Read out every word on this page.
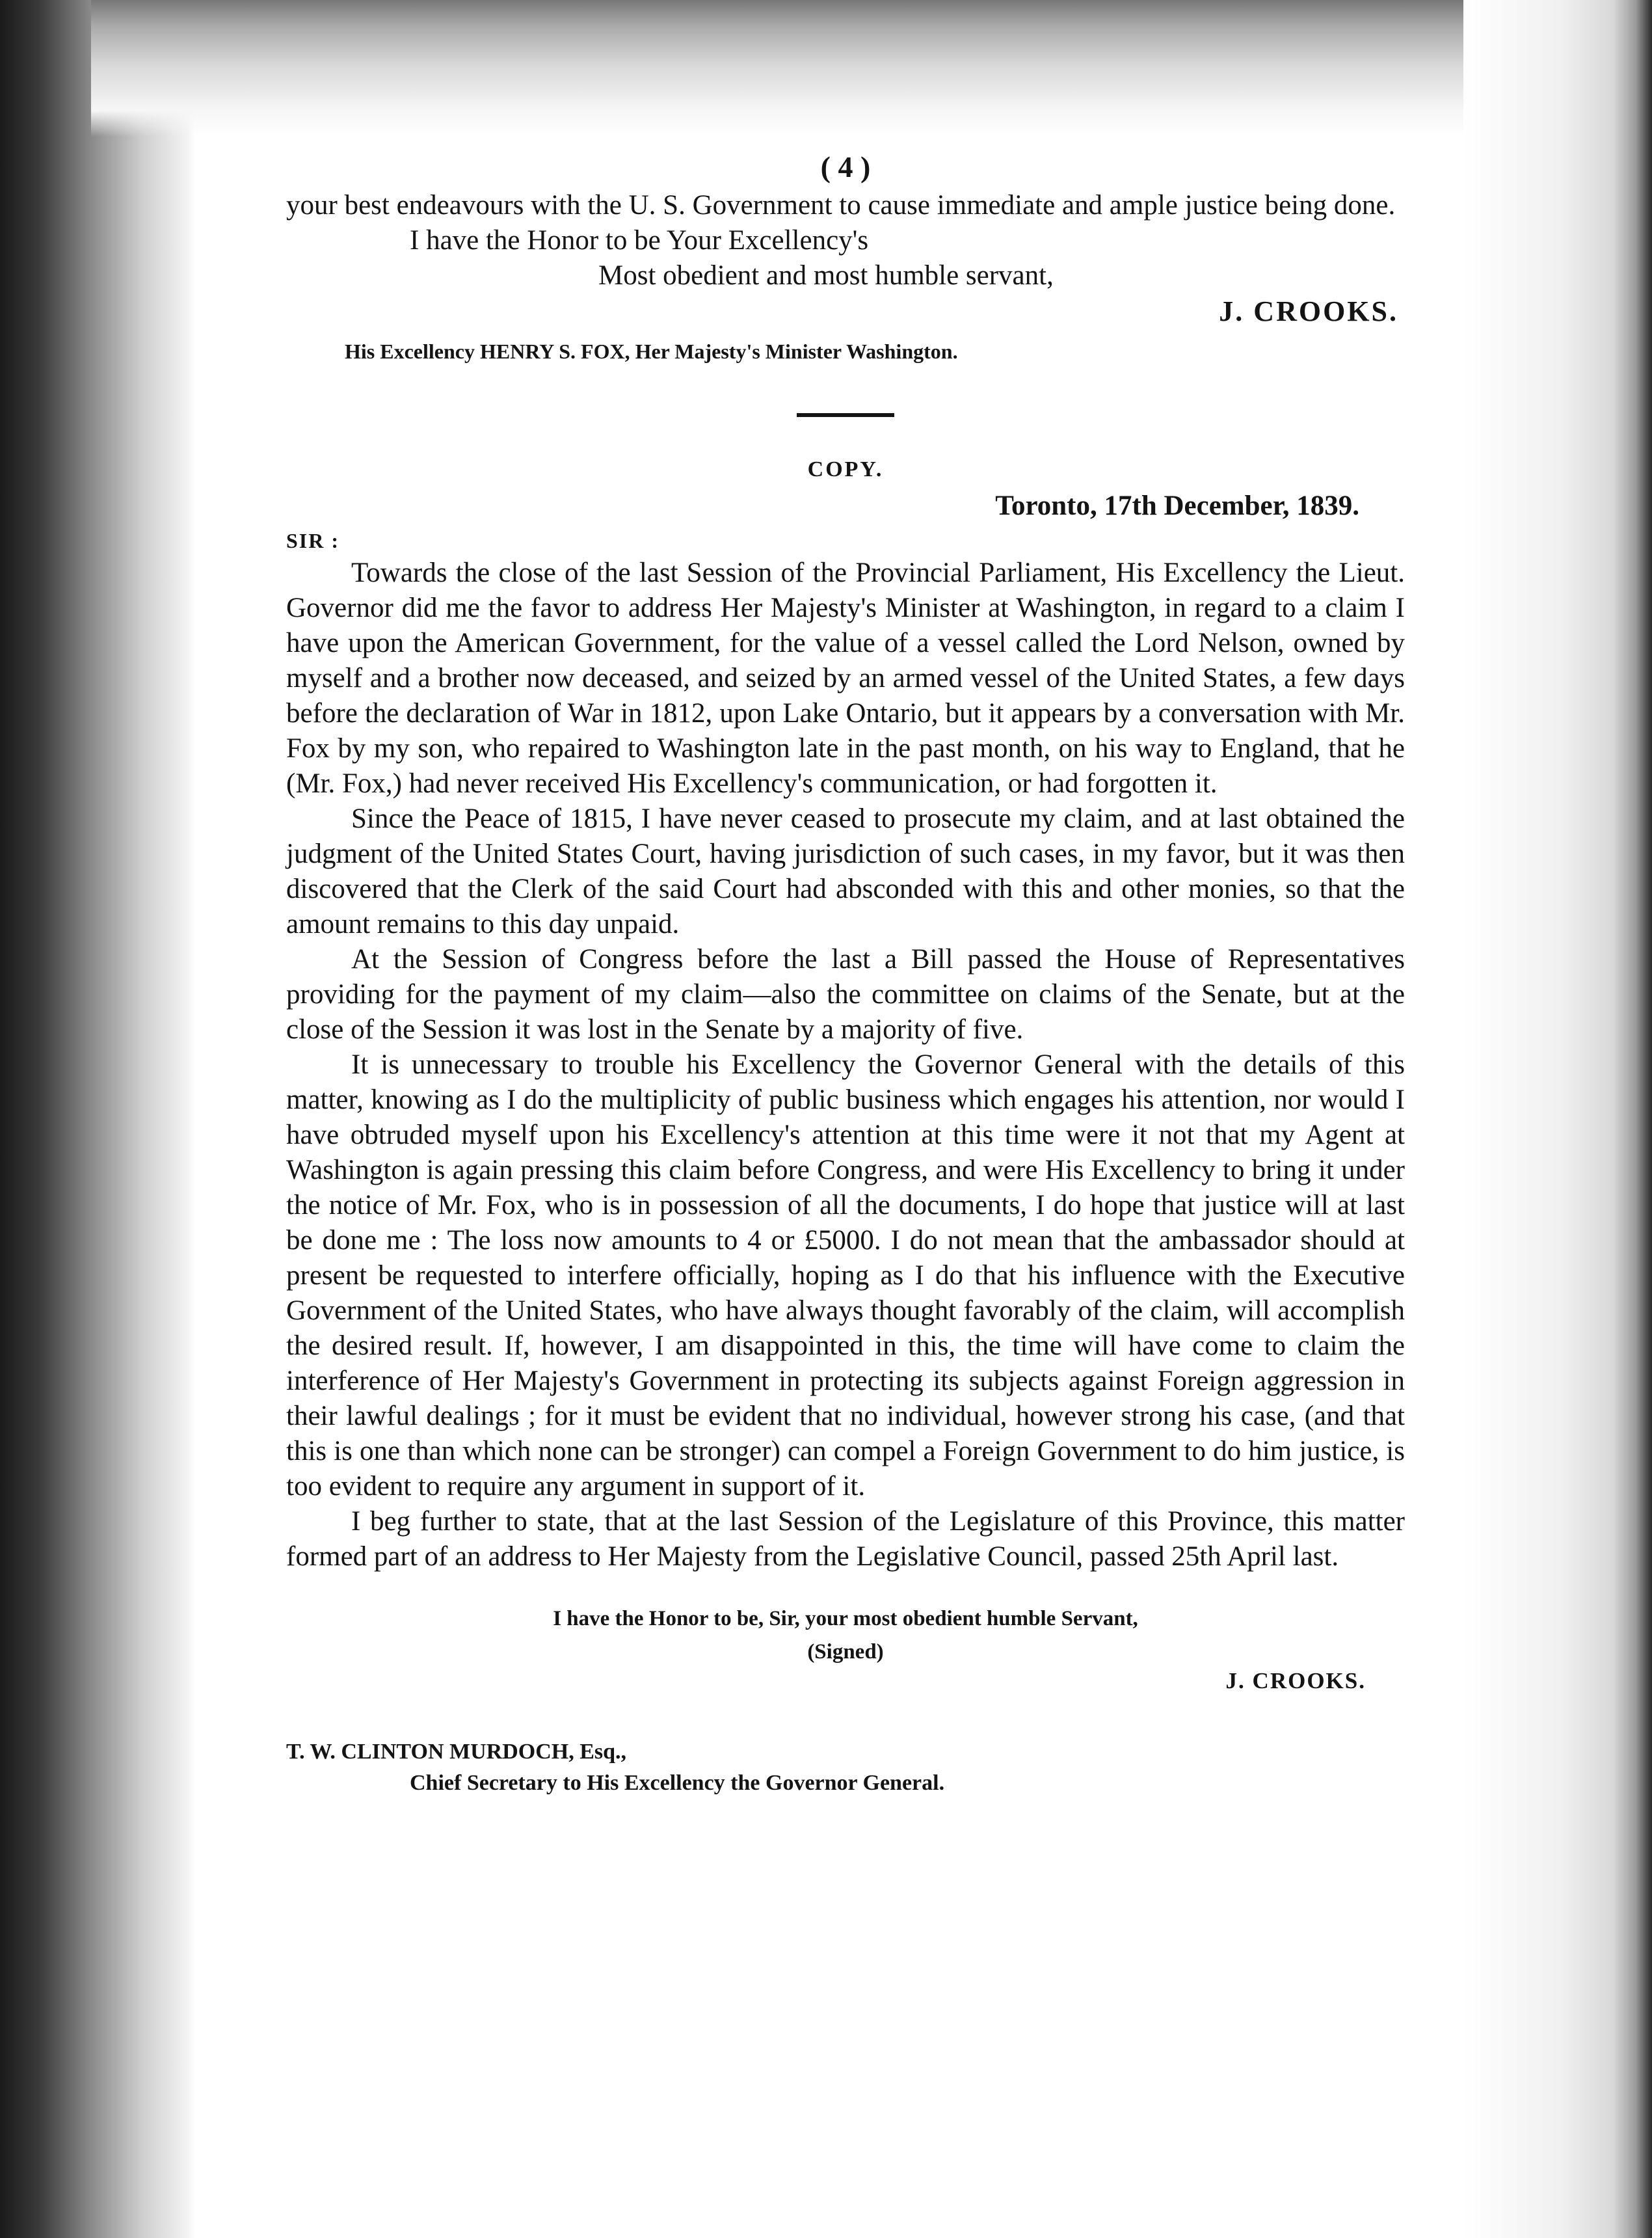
( 4 )

your best endeavours with the U. S. Government to cause immediate and ample justice being done.

I have the Honor to be Your Excellency's
Most obedient and most humble servant,
J. CROOKS.
His Excellency HENRY S. FOX, Her Majesty's Minister Washington.
COPY.
Toronto, 17th December, 1839.
SIR :

Towards the close of the last Session of the Provincial Parliament, His Excellency the Lieut. Governor did me the favor to address Her Majesty's Minister at Washington, in regard to a claim I have upon the American Government, for the value of a vessel called the Lord Nelson, owned by myself and a brother now deceased, and seized by an armed vessel of the United States, a few days before the declaration of War in 1812, upon Lake Ontario, but it appears by a conversation with Mr. Fox by my son, who repaired to Washington late in the past month, on his way to England, that he (Mr. Fox,) had never received His Excellency's communication, or had forgotten it.

Since the Peace of 1815, I have never ceased to prosecute my claim, and at last obtained the judgment of the United States Court, having jurisdiction of such cases, in my favor, but it was then discovered that the Clerk of the said Court had absconded with this and other monies, so that the amount remains to this day unpaid.

At the Session of Congress before the last a Bill passed the House of Representatives providing for the payment of my claim—also the committee on claims of the Senate, but at the close of the Session it was lost in the Senate by a majority of five.

It is unnecessary to trouble his Excellency the Governor General with the details of this matter, knowing as I do the multiplicity of public business which engages his attention, nor would I have obtruded myself upon his Excellency's attention at this time were it not that my Agent at Washington is again pressing this claim before Congress, and were His Excellency to bring it under the notice of Mr. Fox, who is in possession of all the documents, I do hope that justice will at last be done me : The loss now amounts to 4 or £5000. I do not mean that the ambassador should at present be requested to interfere officially, hoping as I do that his influence with the Executive Government of the United States, who have always thought favorably of the claim, will accomplish the desired result. If, however, I am disappointed in this, the time will have come to claim the interference of Her Majesty's Government in protecting its subjects against Foreign aggression in their lawful dealings ; for it must be evident that no individual, however strong his case, (and that this is one than which none can be stronger) can compel a Foreign Government to do him justice, is too evident to require any argument in support of it.

I beg further to state, that at the last Session of the Legislature of this Province, this matter formed part of an address to Her Majesty from the Legislative Council, passed 25th April last.

I have the Honor to be, Sir, your most obedient humble Servant,
(Signed)
J. CROOKS.
T. W. CLINTON MURDOCH, Esq.,
Chief Secretary to His Excellency the Governor General.
